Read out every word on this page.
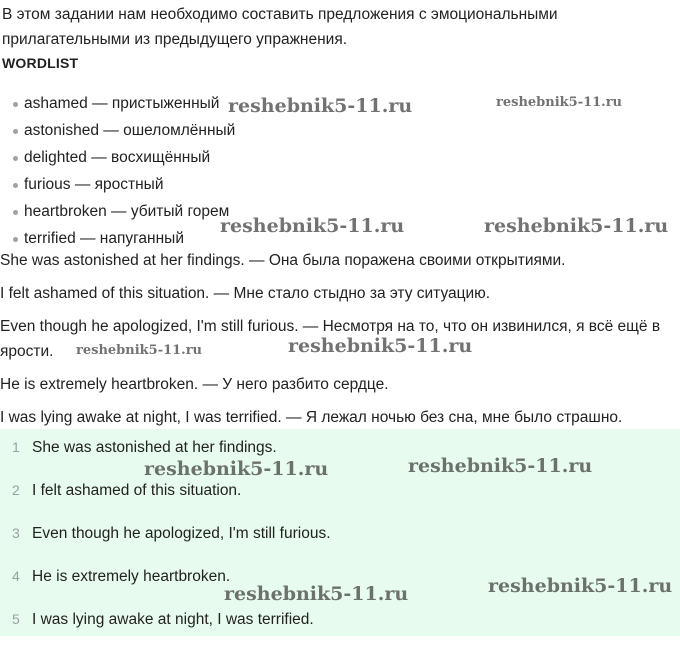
В этом задании нам необходимо составить предложения с эмоциональными прилагательными из предыдущего упражнения.
WORDLIST
ashamed — пристыженный
astonished — ошеломлённый
delighted — восхищённый
furious — яростный
heartbroken — убитый горем
terrified — напуганный

She was astonished at her findings. — Она была поражена своими открытиями.

I felt ashamed of this situation. — Мне стало стыдно за эту ситуацию.

Even though he apologized, I'm still furious. — Несмотря на то, что он извинился, я всё ещё в ярости.

He is extremely heartbroken. — У него разбито сердце.

I was lying awake at night, I was terrified. — Я лежал ночью без сна, мне было страшно.

1 She was astonished at her findings.
2 I felt ashamed of this situation.
3 Even though he apologized, I'm still furious.
4 He is extremely heartbroken.
5 I was lying awake at night, I was terrified.
reshebnik5-11.ru	reshebnik5-11.ru
reshebnik5-11.ru	reshebnik5-11.ru
reshebnik5-11.ru	reshebnik5-11.ru
reshebnik5-11.ru	reshebnik5-11.ru
reshebnik5-11.ru
reshebnik5-11.ru
